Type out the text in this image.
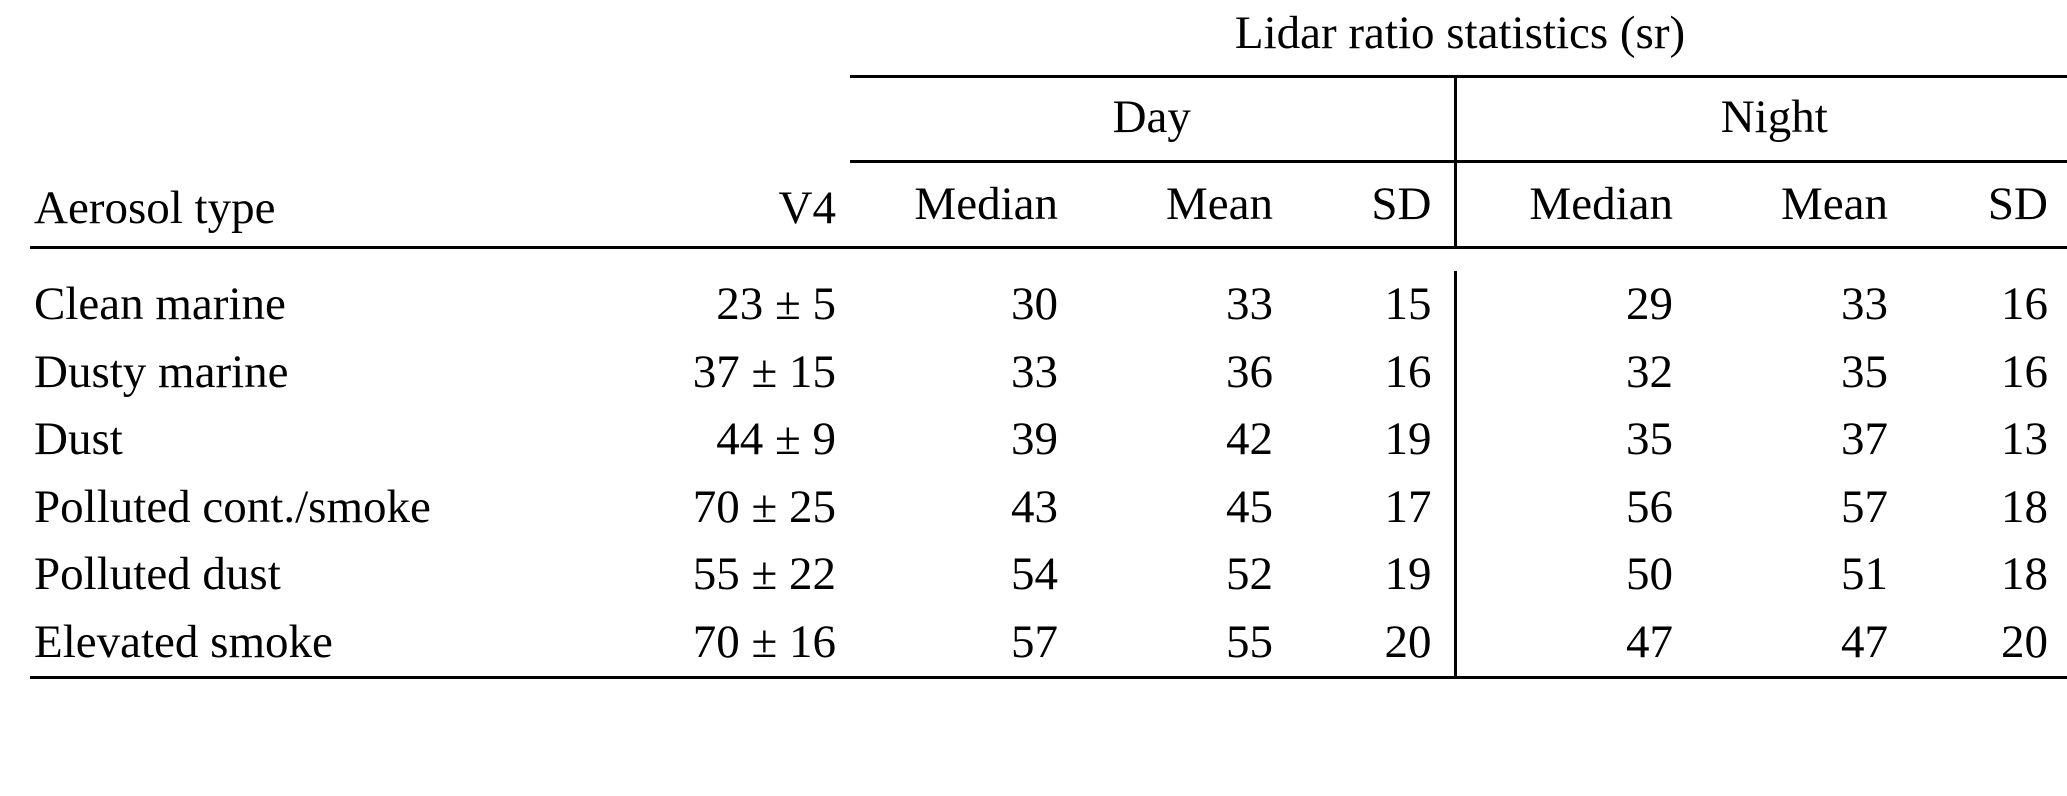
Aerosol type	V4	Lidar ratio statistics (sr)					
		Day			Night		
		Median	Mean	SD	Median	Mean	SD

Clean marine	23 ± 5	30	33	15	29	33	16
Dusty marine	37 ± 15	33	36	16	32	35	16
Dust	44 ± 9	39	42	19	35	37	13
Polluted cont./smoke	70 ± 25	43	45	17	56	57	18
Polluted dust	55 ± 22	54	52	19	50	51	18
Elevated smoke	70 ± 16	57	55	20	47	47	20
